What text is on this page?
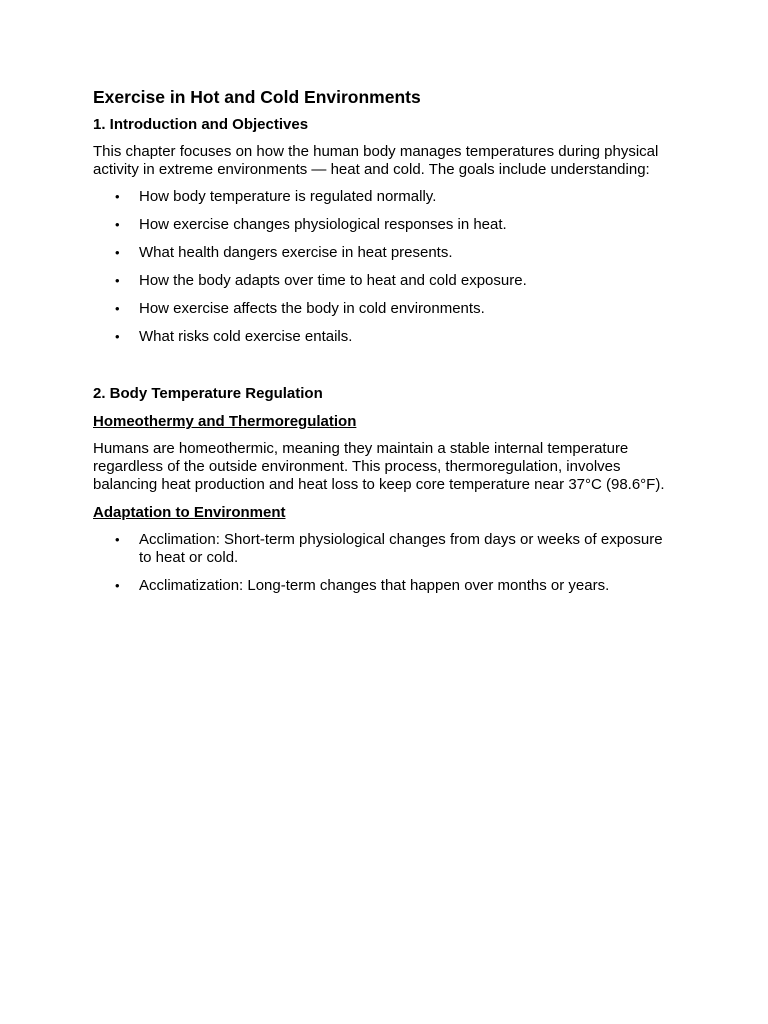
Exercise in Hot and Cold Environments
1. Introduction and Objectives

This chapter focuses on how the human body manages temperatures during physical activity in extreme environments — heat and cold. The goals include understanding:

• How body temperature is regulated normally.
• How exercise changes physiological responses in heat.
• What health dangers exercise in heat presents.
• How the body adapts over time to heat and cold exposure.
• How exercise affects the body in cold environments.
• What risks cold exercise entails.
2. Body Temperature Regulation
Homeothermy and Thermoregulation

Humans are homeothermic, meaning they maintain a stable internal temperature regardless of the outside environment. This process, thermoregulation, involves balancing heat production and heat loss to keep core temperature near 37°C (98.6°F).

Adaptation to Environment
• Acclimation: Short-term physiological changes from days or weeks of exposure to heat or cold.
• Acclimatization: Long-term changes that happen over months or years.
